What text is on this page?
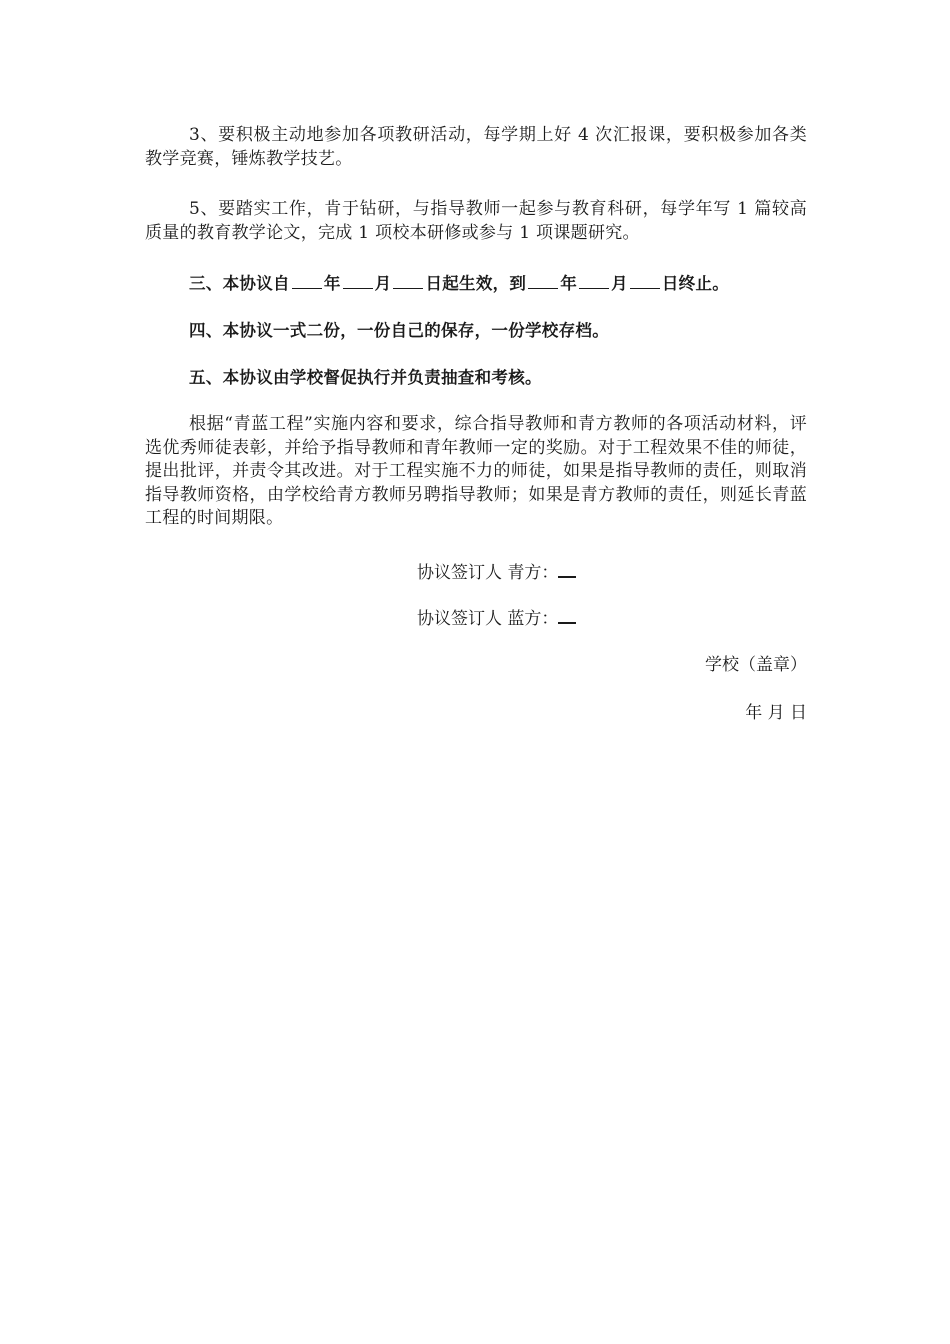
3、要积极主动地参加各项教研活动，每学期上好 4 次汇报课，要积极参加各类教学竞赛，锤炼教学技艺。

5、要踏实工作，肯于钻研，与指导教师一起参与教育科研，每学年写 1 篇较高质量的教育教学论文，完成 1 项校本研修或参与 1 项课题研究。

三、本协议自 年 月 日起生效，到 年 月 日终止。

四、本协议一式二份，一份自己的保存，一份学校存档。

五、本协议由学校督促执行并负责抽查和考核。

根据“青蓝工程”实施内容和要求，综合指导教师和青方教师的各项活动材料，评选优秀师徒表彰，并给予指导教师和青年教师一定的奖励。对于工程效果不佳的师徒，提出批评，并责令其改进。对于工程实施不力的师徒，如果是指导教师的责任，则取消指导教师资格，由学校给青方教师另聘指导教师；如果是青方教师的责任，则延长青蓝工程的时间期限。

协议签订人 青方：
协议签订人 蓝方：
学校（盖章）
年 月 日
